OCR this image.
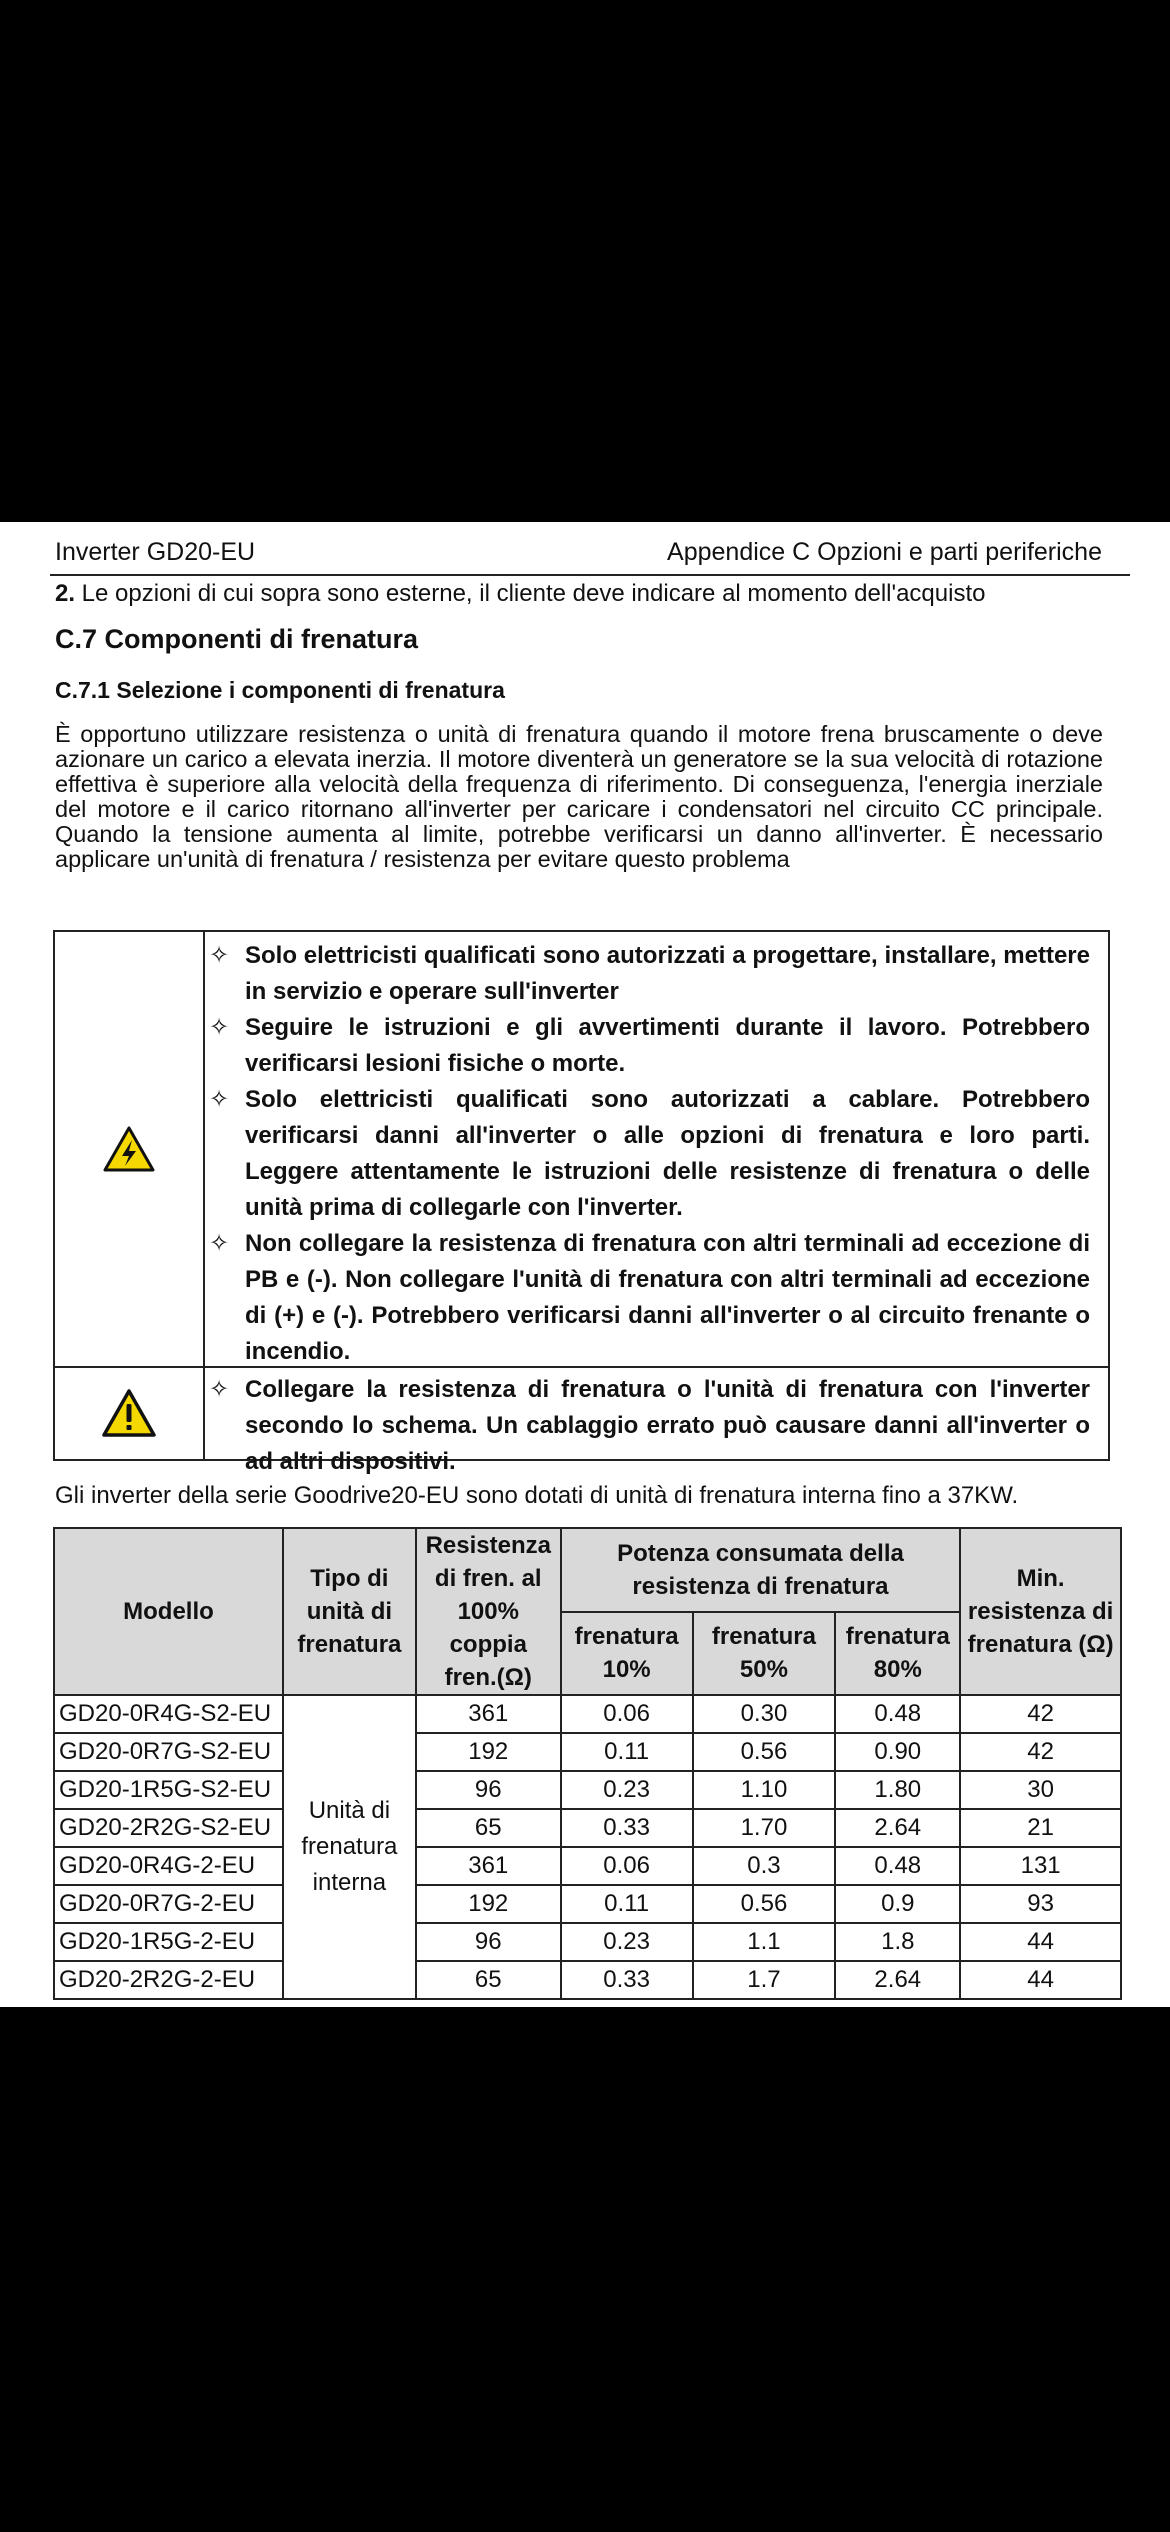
Inverter GD20-EU	Appendice C Opzioni e parti periferiche
2. Le opzioni di cui sopra sono esterne, il cliente deve indicare al momento dell'acquisto
C.7 Componenti di frenatura
C.7.1 Selezione i componenti di frenatura
È opportuno utilizzare resistenza o unità di frenatura quando il motore frena bruscamente o deve azionare un carico a elevata inerzia. Il motore diventerà un generatore se la sua velocità di rotazione effettiva è superiore alla velocità della frequenza di riferimento. Di conseguenza, l'energia inerziale del motore e il carico ritornano all'inverter per caricare i condensatori nel circuito CC principale. Quando la tensione aumenta al limite, potrebbe verificarsi un danno all'inverter. È necessario applicare un'unità di frenatura / resistenza per evitare questo problema
✧ Solo elettricisti qualificati sono autorizzati a progettare, installare, mettere in servizio e operare sull'inverter
✧ Seguire le istruzioni e gli avvertimenti durante il lavoro. Potrebbero verificarsi lesioni fisiche o morte.
✧ Solo elettricisti qualificati sono autorizzati a cablare. Potrebbero verificarsi danni all'inverter o alle opzioni di frenatura e loro parti. Leggere attentamente le istruzioni delle resistenze di frenatura o delle unità prima di collegarle con l'inverter.
✧ Non collegare la resistenza di frenatura con altri terminali ad eccezione di PB e (-). Non collegare l'unità di frenatura con altri terminali ad eccezione di (+) e (-). Potrebbero verificarsi danni all'inverter o al circuito frenante o incendio.
✧ Collegare la resistenza di frenatura o l'unità di frenatura con l'inverter secondo lo schema. Un cablaggio errato può causare danni all'inverter o ad altri dispositivi.
Gli inverter della serie Goodrive20-EU sono dotati di unità di frenatura interna fino a 37KW.
Modello	Tipo di unità di frenatura	Resistenza di fren. al 100% coppia fren.(Ω)	Potenza consumata della resistenza di frenatura			Min. resistenza di frenatura (Ω)
			frenatura 10%	frenatura 50%	frenatura 80%	
GD20-0R4G-S2-EU	Unità di frenatura interna	361	0.06	0.30	0.48	42
GD20-0R7G-S2-EU		192	0.11	0.56	0.90	42
GD20-1R5G-S2-EU		96	0.23	1.10	1.80	30
GD20-2R2G-S2-EU		65	0.33	1.70	2.64	21
GD20-0R4G-2-EU		361	0.06	0.3	0.48	131
GD20-0R7G-2-EU		192	0.11	0.56	0.9	93
GD20-1R5G-2-EU		96	0.23	1.1	1.8	44
GD20-2R2G-2-EU		65	0.33	1.7	2.64	44
